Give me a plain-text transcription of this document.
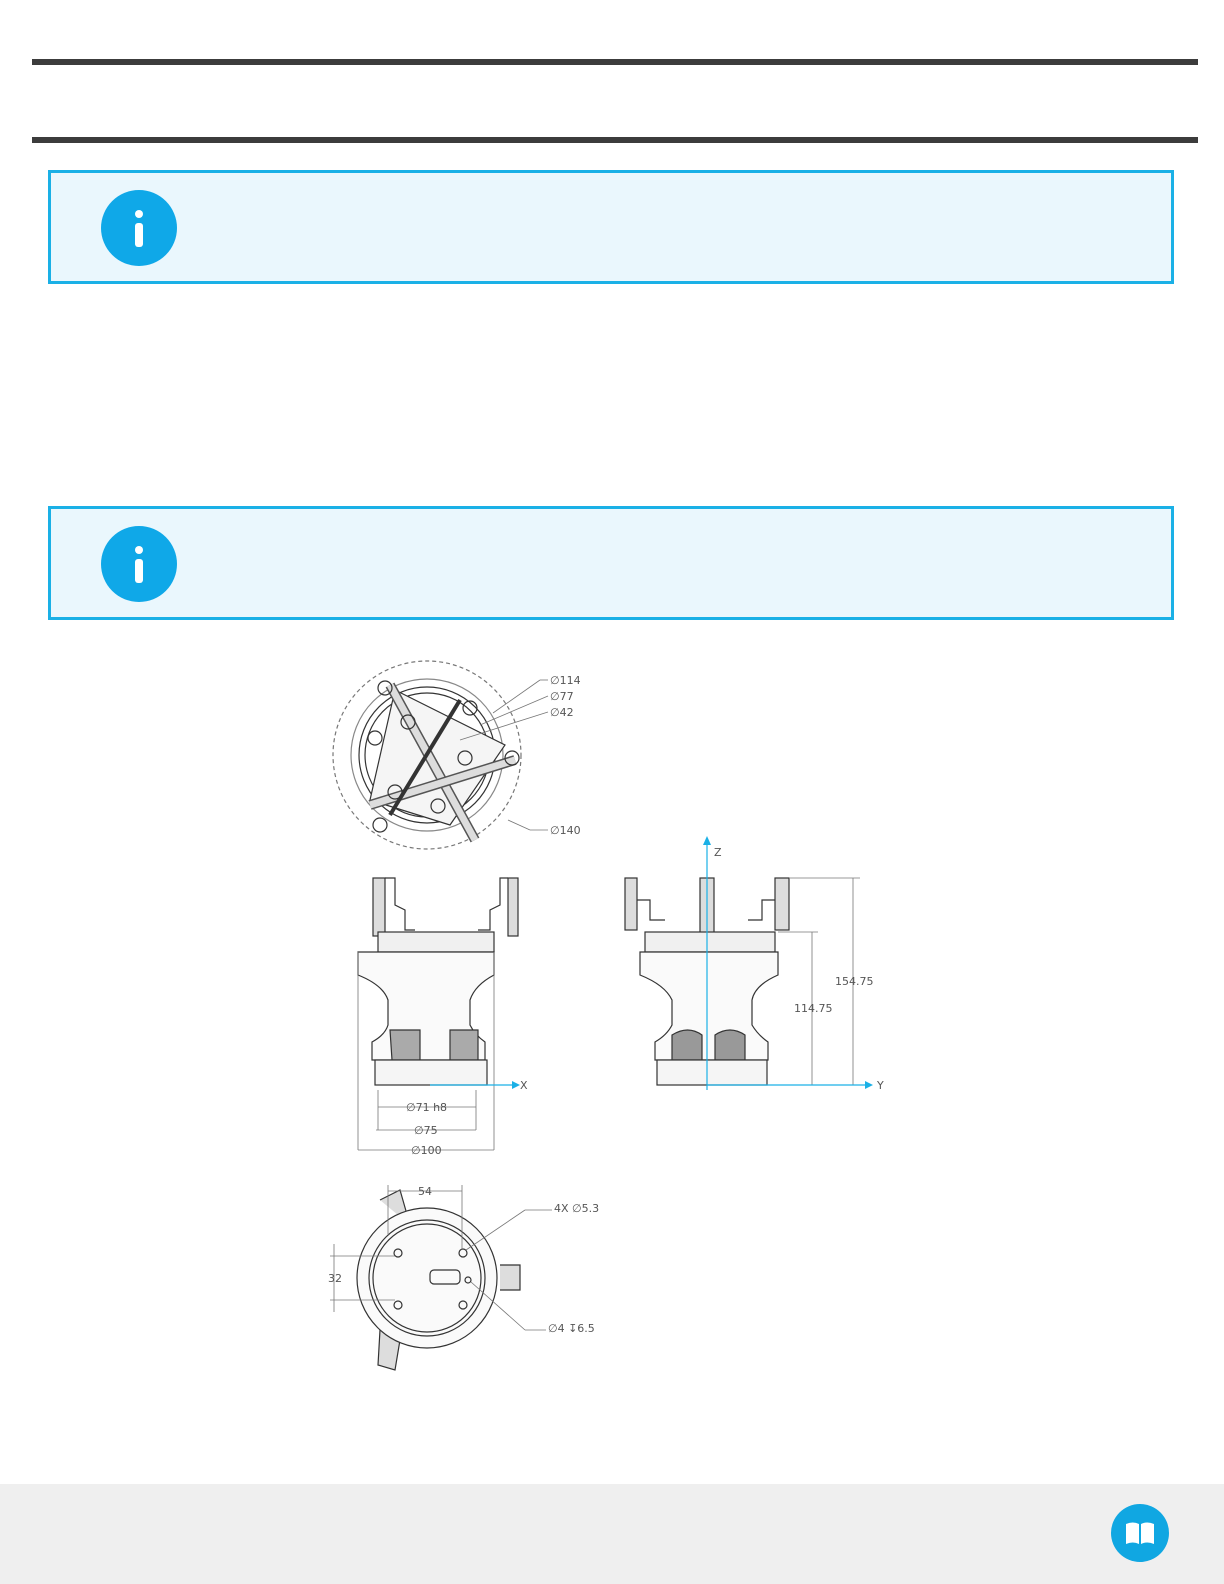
∅114
∅77
∅42
∅140
X
∅71 h8
∅75
∅100
Z
Y
154.75
114.75
54
32
4X ∅5.3
∅4 ↧6.5
